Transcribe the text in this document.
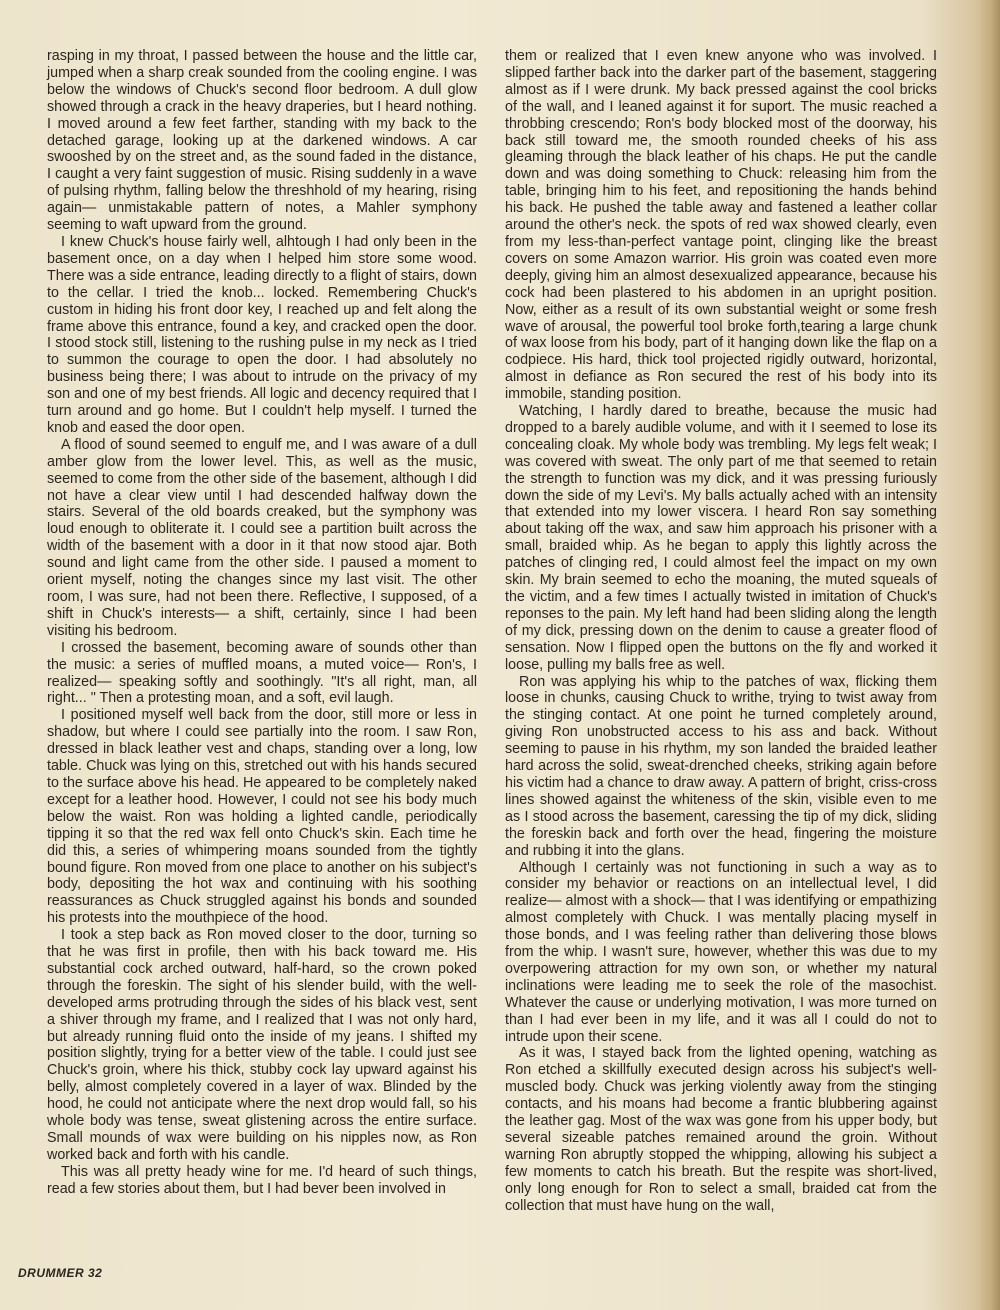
rasping in my throat, I passed between the house and the little car, jumped when a sharp creak sounded from the cooling engine. I was below the windows of Chuck's second floor bedroom. A dull glow showed through a crack in the heavy draperies, but I heard nothing. I moved around a few feet farther, standing with my back to the detached garage, looking up at the darkened windows. A car swooshed by on the street and, as the sound faded in the distance, I caught a very faint suggestion of music. Rising suddenly in a wave of pulsing rhythm, falling below the threshhold of my hearing, rising again— unmistakable pattern of notes, a Mahler symphony seeming to waft upward from the ground.

I knew Chuck's house fairly well, alhtough I had only been in the basement once, on a day when I helped him store some wood. There was a side entrance, leading directly to a flight of stairs, down to the cellar. I tried the knob... locked. Remembering Chuck's custom in hiding his front door key, I reached up and felt along the frame above this entrance, found a key, and cracked open the door. I stood stock still, listening to the rushing pulse in my neck as I tried to summon the courage to open the door. I had absolutely no business being there; I was about to intrude on the privacy of my son and one of my best friends. All logic and decency required that I turn around and go home. But I couldn't help myself. I turned the knob and eased the door open.

A flood of sound seemed to engulf me, and I was aware of a dull amber glow from the lower level. This, as well as the music, seemed to come from the other side of the basement, although I did not have a clear view until I had descended halfway down the stairs. Several of the old boards creaked, but the symphony was loud enough to obliterate it. I could see a partition built across the width of the basement with a door in it that now stood ajar. Both sound and light came from the other side. I paused a moment to orient myself, noting the changes since my last visit. The other room, I was sure, had not been there. Reflective, I supposed, of a shift in Chuck's interests— a shift, certainly, since I had been visiting his bedroom.

I crossed the basement, becoming aware of sounds other than the music: a series of muffled moans, a muted voice— Ron's, I realized— speaking softly and soothingly. "It's all right, man, all right... " Then a protesting moan, and a soft, evil laugh.

I positioned myself well back from the door, still more or less in shadow, but where I could see partially into the room. I saw Ron, dressed in black leather vest and chaps, standing over a long, low table. Chuck was lying on this, stretched out with his hands secured to the surface above his head. He appeared to be completely naked except for a leather hood. However, I could not see his body much below the waist. Ron was holding a lighted candle, periodically tipping it so that the red wax fell onto Chuck's skin. Each time he did this, a series of whimpering moans sounded from the tightly bound figure. Ron moved from one place to another on his subject's body, depositing the hot wax and continuing with his soothing reassurances as Chuck struggled against his bonds and sounded his protests into the mouthpiece of the hood.

I took a step back as Ron moved closer to the door, turning so that he was first in profile, then with his back toward me. His substantial cock arched outward, half-hard, so the crown poked through the foreskin. The sight of his slender build, with the well-developed arms protruding through the sides of his black vest, sent a shiver through my frame, and I realized that I was not only hard, but already running fluid onto the inside of my jeans. I shifted my position slightly, trying for a better view of the table. I could just see Chuck's groin, where his thick, stubby cock lay upward against his belly, almost completely covered in a layer of wax. Blinded by the hood, he could not anticipate where the next drop would fall, so his whole body was tense, sweat glistening across the entire surface. Small mounds of wax were building on his nipples now, as Ron worked back and forth with his candle.

This was all pretty heady wine for me. I'd heard of such things, read a few stories about them, but I had bever been involved in

them or realized that I even knew anyone who was involved. I slipped farther back into the darker part of the basement, staggering almost as if I were drunk. My back pressed against the cool bricks of the wall, and I leaned against it for suport. The music reached a throbbing crescendo; Ron's body blocked most of the doorway, his back still toward me, the smooth rounded cheeks of his ass gleaming through the black leather of his chaps. He put the candle down and was doing something to Chuck: releasing him from the table, bringing him to his feet, and repositioning the hands behind his back. He pushed the table away and fastened a leather collar around the other's neck. the spots of red wax showed clearly, even from my less-than-perfect vantage point, clinging like the breast covers on some Amazon warrior. His groin was coated even more deeply, giving him an almost desexualized appearance, because his cock had been plastered to his abdomen in an upright position. Now, either as a result of its own substantial weight or some fresh wave of arousal, the powerful tool broke forth,tearing a large chunk of wax loose from his body, part of it hanging down like the flap on a codpiece. His hard, thick tool projected rigidly outward, horizontal, almost in defiance as Ron secured the rest of his body into its immobile, standing position.

Watching, I hardly dared to breathe, because the music had dropped to a barely audible volume, and with it I seemed to lose its concealing cloak. My whole body was trembling. My legs felt weak; I was covered with sweat. The only part of me that seemed to retain the strength to function was my dick, and it was pressing furiously down the side of my Levi's. My balls actually ached with an intensity that extended into my lower viscera. I heard Ron say something about taking off the wax, and saw him approach his prisoner with a small, braided whip. As he began to apply this lightly across the patches of clinging red, I could almost feel the impact on my own skin. My brain seemed to echo the moaning, the muted squeals of the victim, and a few times I actually twisted in imitation of Chuck's reponses to the pain. My left hand had been sliding along the length of my dick, pressing down on the denim to cause a greater flood of sensation. Now I flipped open the buttons on the fly and worked it loose, pulling my balls free as well.

Ron was applying his whip to the patches of wax, flicking them loose in chunks, causing Chuck to writhe, trying to twist away from the stinging contact. At one point he turned completely around, giving Ron unobstructed access to his ass and back. Without seeming to pause in his rhythm, my son landed the braided leather hard across the solid, sweat-drenched cheeks, striking again before his victim had a chance to draw away. A pattern of bright, criss-cross lines showed against the whiteness of the skin, visible even to me as I stood across the basement, caressing the tip of my dick, sliding the foreskin back and forth over the head, fingering the moisture and rubbing it into the glans.

Although I certainly was not functioning in such a way as to consider my behavior or reactions on an intellectual level, I did realize— almost with a shock— that I was identifying or empathizing almost completely with Chuck. I was mentally placing myself in those bonds, and I was feeling rather than delivering those blows from the whip. I wasn't sure, however, whether this was due to my overpowering attraction for my own son, or whether my natural inclinations were leading me to seek the role of the masochist. Whatever the cause or underlying motivation, I was more turned on than I had ever been in my life, and it was all I could do not to intrude upon their scene.

As it was, I stayed back from the lighted opening, watching as Ron etched a skillfully executed design across his subject's well-muscled body. Chuck was jerking violently away from the stinging contacts, and his moans had become a frantic blubbering against the leather gag. Most of the wax was gone from his upper body, but several sizeable patches remained around the groin. Without warning Ron abruptly stopped the whipping, allowing his subject a few moments to catch his breath. But the respite was short-lived, only long enough for Ron to select a small, braided cat from the collection that must have hung on the wall,

DRUMMER 32
